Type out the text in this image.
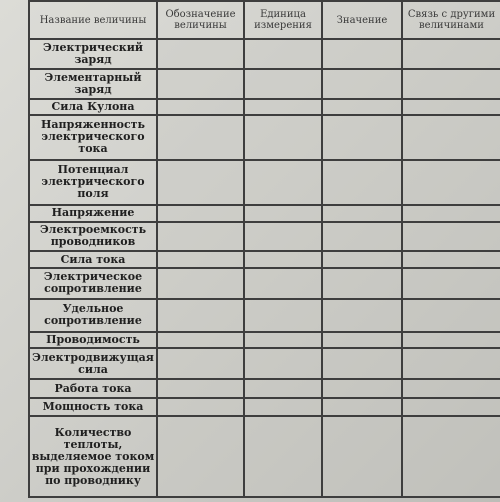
Название величины	Обозначение величины	Единица измерения	Значение	Связь с другими величинами
Электрический заряд				
Элементарный заряд				
Сила Кулона				
Напряженность электрического тока				
Потенциал электрического поля				
Напряжение				
Электроемкость проводников				
Сила тока				
Электрическое сопротивление				
Удельное сопротивление				
Проводимость				
Электродвижущая сила				
Работа тока				
Мощность тока				
Количество теплоты, выделяемое током при прохождении по проводнику				
